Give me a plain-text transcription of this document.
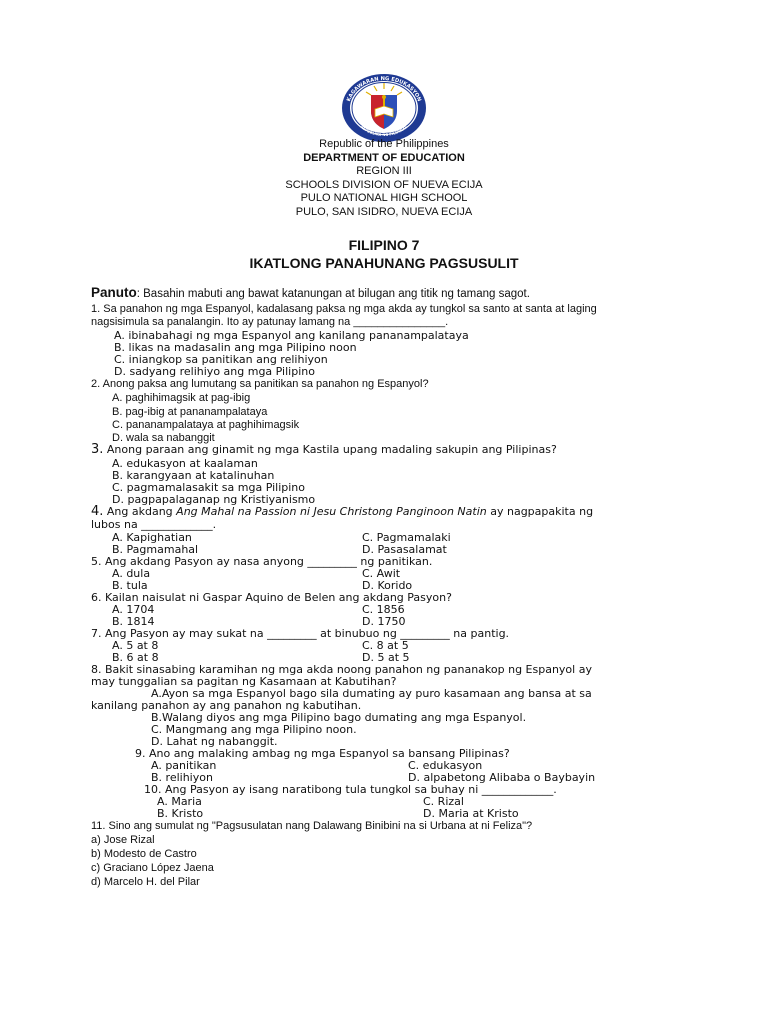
KAGAWARAN NG EDUKASYON
REPUBLIKA NG PILIPINAS
Republic of the Philippines
DEPARTMENT OF EDUCATION
REGION III
SCHOOLS DIVISION OF NUEVA ECIJA
PULO NATIONAL HIGH SCHOOL
PULO, SAN ISIDRO, NUEVA ECIJA
FILIPINO 7
IKATLONG PANAHUNANG PAGSUSULIT
Panuto: Basahin mabuti ang bawat katanungan at bilugan ang titik ng tamang sagot.
1. Sa panahon ng mga Espanyol, kadalasang paksa ng mga akda ay tungkol sa santo at santa at laging
nagsisimula sa panalangin. Ito ay patunay lamang na _______________.
A. ibinabahagi ng mga Espanyol ang kanilang pananampalataya
B. likas na madasalin ang mga Pilipino noon
C. iniangkop sa panitikan ang relihiyon
D. sadyang relihiyo ang mga Pilipino
2. Anong paksa ang lumutang sa panitikan sa panahon ng Espanyol?
A. paghihimagsik at pag-ibig
B. pag-ibig at pananampalataya
C. pananampalataya at paghihimagsik
D. wala sa nabanggit
3. Anong paraan ang ginamit ng mga Kastila upang madaling sakupin ang Pilipinas?
A. edukasyon at kaalaman
B. karangyaan at katalinuhan
C. pagmamalasakit sa mga Pilipino
D. pagpapalaganap ng Kristiyanismo
4. Ang akdang Ang Mahal na Passion ni Jesu Christong Panginoon Natin ay nagpapakita ng
lubos na _____________.
A. Kapighatian	C. Pagmamalaki
B. Pagmamahal	D. Pasasalamat
5. Ang akdang Pasyon ay nasa anyong _________ ng panitikan.
A. dula	C. Awit
B. tula	D. Korido
6. Kailan naisulat ni Gaspar Aquino de Belen ang akdang Pasyon?
A. 1704	C. 1856
B. 1814	D. 1750
7. Ang Pasyon ay may sukat na _________ at binubuo ng _________ na pantig.
A. 5 at 8	C. 8 at 5
B. 6 at 8	D. 5 at 5
8. Bakit sinasabing karamihan ng mga akda noong panahon ng pananakop ng Espanyol ay
may tunggalian sa pagitan ng Kasamaan at Kabutihan?
A.Ayon sa mga Espanyol bago sila dumating ay puro kasamaan ang bansa at sa
kanilang panahon ay ang panahon ng kabutihan.
B.Walang diyos ang mga Pilipino bago dumating ang mga Espanyol.
C. Mangmang ang mga Pilipino noon.
D. Lahat ng nabanggit.
9. Ano ang malaking ambag ng mga Espanyol sa bansang Pilipinas?
A. panitikan	C. edukasyon
B. relihiyon	D. alpabetong Alibaba o Baybayin
10. Ang Pasyon ay isang naratibong tula tungkol sa buhay ni _____________.
A. Maria	C. Rizal
B. Kristo	D. Maria at Kristo
11. Sino ang sumulat ng "Pagsusulatan nang Dalawang Binibini na si Urbana at ni Feliza"?
a) Jose Rizal
b) Modesto de Castro
c) Graciano López Jaena
d) Marcelo H. del Pilar
